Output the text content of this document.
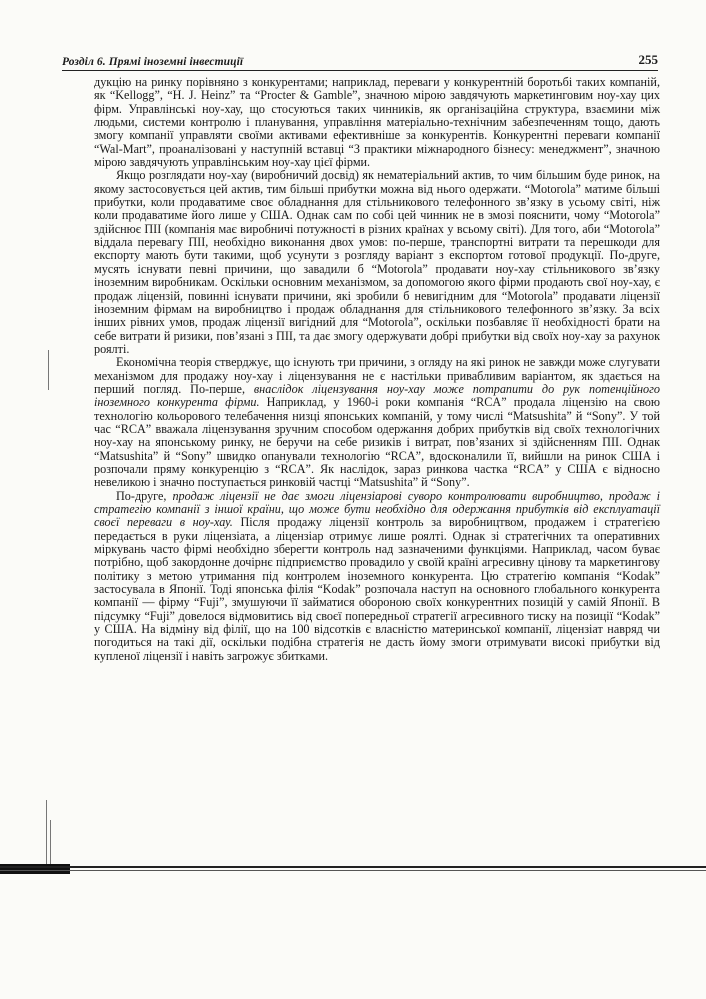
Розділ 6. Прямі іноземні інвестиції	255

дукцію на ринку порівняно з конкурентами; наприклад, переваги у конкурентній боротьбі таких компаній, як “Kellogg”, “H. J. Heinz” та “Procter & Gamble”, значною мірою завдячують маркетинговим ноу-хау цих фірм. Управлінські ноу-хау, що стосуються таких чинників, як організаційна структура, взаємини між людьми, системи контролю і планування, управління матеріально-технічним забезпеченням тощо, дають змогу компанії управляти своїми активами ефективніше за конкурентів. Конкурентні переваги компанії “Wal-Mart”, проаналізовані у наступній вставці “З практики міжнародного бізнесу: менеджмент”, значною мірою завдячують управлінським ноу-хау цієї фірми.

Якщо розглядати ноу-хау (виробничий досвід) як нематеріальний актив, то чим більшим буде ринок, на якому застосовується цей актив, тим більші прибутки можна від нього одержати. “Motorola” матиме більші прибутки, коли продаватиме своє обладнання для стільникового телефонного зв’язку в усьому світі, ніж коли продаватиме його лише у США. Однак сам по собі цей чинник не в змозі пояснити, чому “Motorola” здійснює ПІІ (компанія має виробничі потужності в різних країнах у всьому світі). Для того, аби “Motorola” віддала перевагу ПІІ, необхідно виконання двох умов: по-перше, транспортні витрати та перешкоди для експорту мають бути такими, щоб усунути з розгляду варіант з експортом готової продукції. По-друге, мусять існувати певні причини, що завадили б “Motorola” продавати ноу-хау стільникового зв’язку іноземним виробникам. Оскільки основним механізмом, за допомогою якого фірми продають свої ноу-хау, є продаж ліцензій, повинні існувати причини, які зробили б невигідним для “Motorola” продавати ліцензії іноземним фірмам на виробництво і продаж обладнання для стільникового телефонного зв’язку. За всіх інших рівних умов, продаж ліцензії вигідний для “Motorola”, оскільки позбавляє її необхідності брати на себе витрати й ризики, пов’язані з ПІІ, та дає змогу одержувати добрі прибутки від своїх ноу-хау за рахунок роялті.

Економічна теорія стверджує, що існують три причини, з огляду на які ринок не завжди може слугувати механізмом для продажу ноу-хау і ліцензування не є настільки привабливим варіантом, як здається на перший погляд. По-перше, внаслідок ліцензування ноу-хау може потрапити до рук потенційного іноземного конкурента фірми. Наприклад, у 1960-і роки компанія “RCA” продала ліцензію на свою технологію кольорового телебачення низці японських компаній, у тому числі “Matsushita” й “Sony”. У той час “RCA” вважала ліцензування зручним способом одержання добрих прибутків від своїх технологічних ноу-хау на японському ринку, не беручи на себе ризиків і витрат, пов’язаних зі здійсненням ПІІ. Однак “Matsushita” й “Sony” швидко опанували технологію “RCA”, вдосконалили її, вийшли на ринок США і розпочали пряму конкуренцію з “RCA”. Як наслідок, зараз ринкова частка “RCA” у США є відносно невеликою і значно поступається ринковій частці “Matsushita” й “Sony”.

По-друге, продаж ліцензії не дає змоги ліцензіарові суворо контролювати виробництво, продаж і стратегію компанії з іншої країни, що може бути необхідно для одержання прибутків від експлуатації своєї переваги в ноу-хау. Після продажу ліцензії контроль за виробництвом, продажем і стратегією передається в руки ліцензіата, а ліцензіар отримує лише роялті. Однак зі стратегічних та оперативних міркувань часто фірмі необхідно зберегти контроль над зазначеними функціями. Наприклад, часом буває потрібно, щоб закордонне дочірнє підприємство провадило у своїй країні агресивну цінову та маркетингову політику з метою утримання під контролем іноземного конкурента. Цю стратегію компанія “Kodak” застосувала в Японії. Тоді японська філія “Kodak” розпочала наступ на основного глобального конкурента компанії — фірму “Fuji”, змушуючи її займатися обороною своїх конкурентних позицій у самій Японії. В підсумку “Fuji” довелося відмовитись від своєї попередньої стратегії агресивного тиску на позиції “Kodak” у США. На відміну від філії, що на 100 відсотків є власністю материнської компанії, ліцензіат навряд чи погодиться на такі дії, оскільки подібна стратегія не дасть йому змоги отримувати високі прибутки від купленої ліцензії і навіть загрожує збитками.
